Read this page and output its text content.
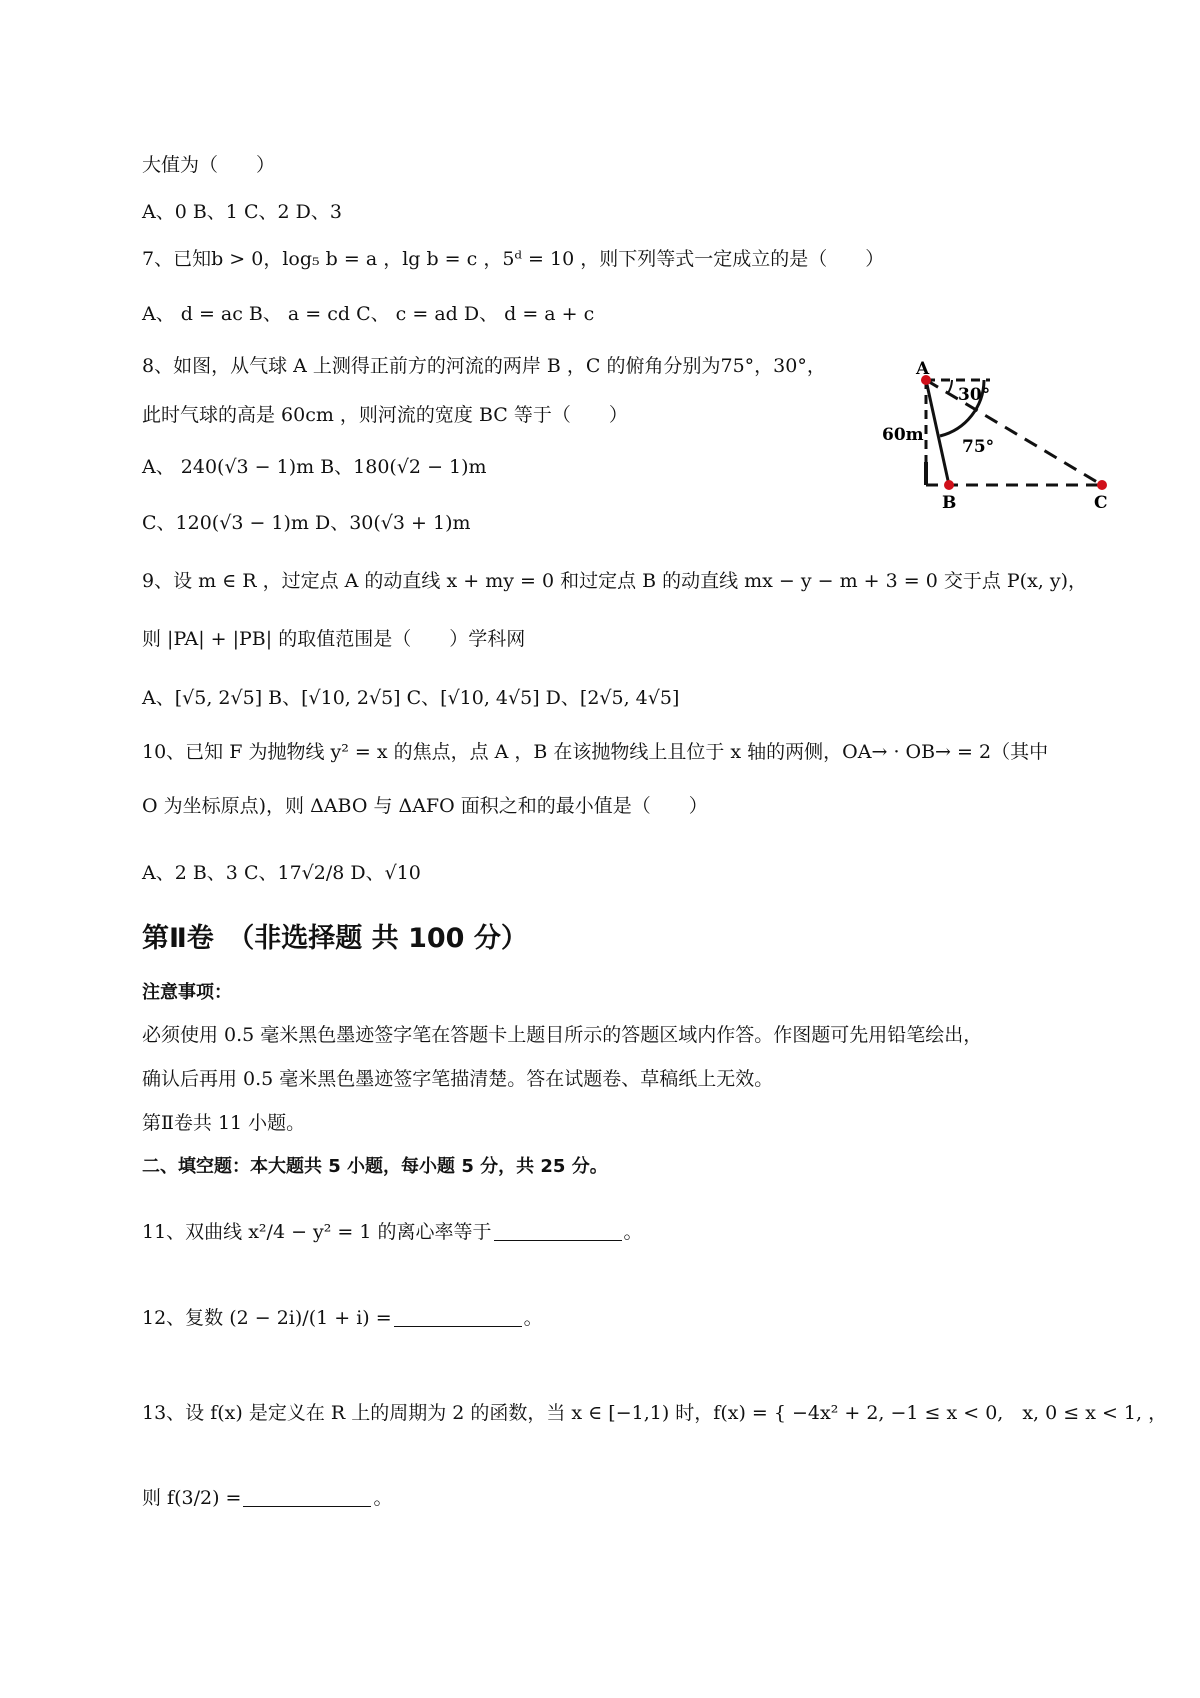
大值为（　　）
A、0 B、1 C、2 D、3
7、已知b > 0，log₅ b = a ，lg b = c ，5ᵈ = 10 ，则下列等式一定成立的是（　　）
A、 d = ac B、 a = cd C、 c = ad D、 d = a + c
8、如图，从气球 A 上测得正前方的河流的两岸 B ，C 的俯角分别为75°，30°，
此时气球的高是 60cm ，则河流的宽度 BC 等于（　　）
A、 240(√3 − 1)m B、180(√2 − 1)m
C、120(√3 − 1)m D、30(√3 + 1)m
9、设 m ∈ R ，过定点 A 的动直线 x + my = 0 和过定点 B 的动直线 mx − y − m + 3 = 0 交于点 P(x, y)，
则 |PA| + |PB| 的取值范围是（　　）学科网
A、[√5, 2√5] B、[√10, 2√5] C、[√10, 4√5] D、[2√5, 4√5]
10、已知 F 为抛物线 y² = x 的焦点，点 A ，B 在该抛物线上且位于 x 轴的两侧，OA→ · OB→ = 2（其中
O 为坐标原点)，则 ΔABO 与 ΔAFO 面积之和的最小值是（　　）
A、2 B、3 C、17√2/8 D、√10
第Ⅱ卷　（非选择题 共 100 分）
注意事项：
必须使用 0.5 毫米黑色墨迹签字笔在答题卡上题目所示的答题区域内作答。作图题可先用铅笔绘出，
确认后再用 0.5 毫米黑色墨迹签字笔描清楚。答在试题卷、草稿纸上无效。
第Ⅱ卷共 11 小题。
二、填空题：本大题共 5 小题，每小题 5 分，共 25 分。
11、双曲线 x²/4 − y² = 1 的离心率等于	。
12、复数 (2 − 2i)/(1 + i) =	。
13、设 f(x) 是定义在 R 上的周期为 2 的函数，当 x ∈ [−1,1) 时，f(x) = { −4x² + 2, −1 ≤ x < 0,　x, 0 ≤ x < 1, ，
则 f(3/2) =	。
A
B	C
60m
30°
75°
